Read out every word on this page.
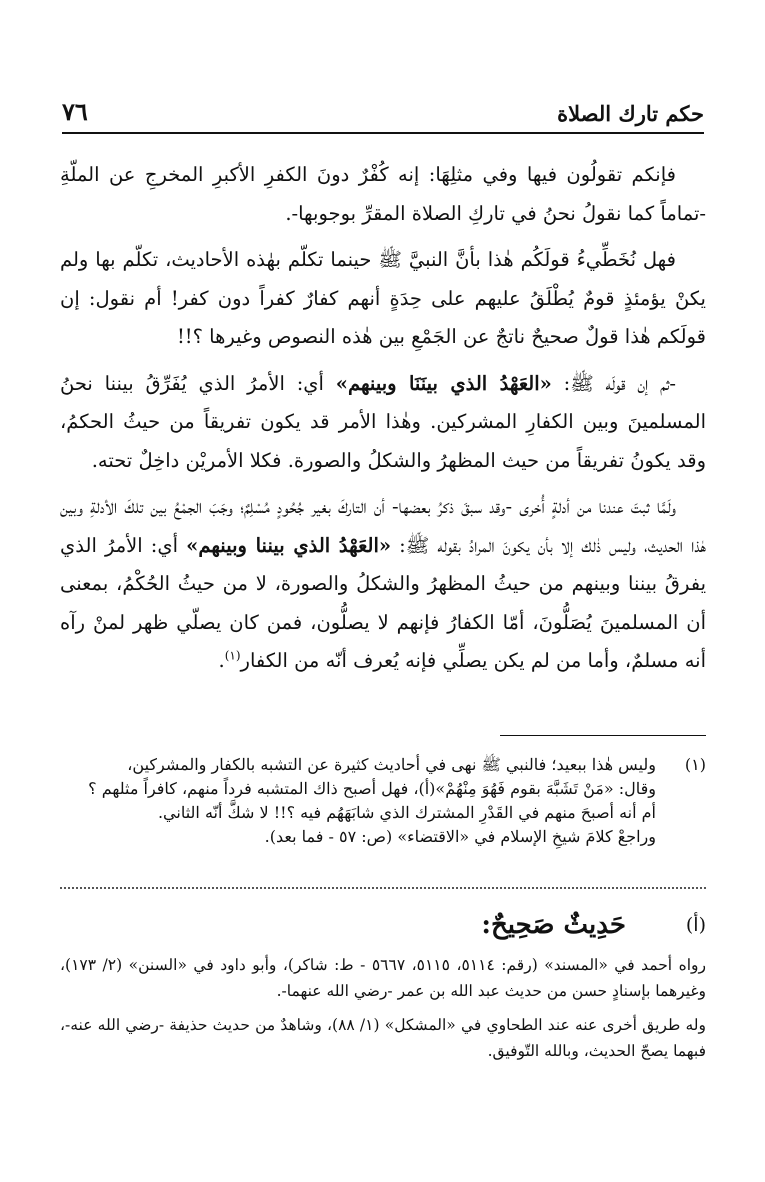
حكم تارك الصلاة
٧٦

فإنكم تقولُون فيها وفي مثلِهَا: إنه كُفْرٌ دونَ الكفرِ الأكبرِ المخرجِ عن الملّةِ -تماماً كما نقولُ نحنُ في تاركِ الصلاة المقرِّ بوجوبها-.

فهل نُخَطِّيءُ قولَكُم هٰذا بأنَّ النبيَّ ﷺ حينما تكلّم بهٰذه الأحاديث، تكلّم بها ولم يكنْ يؤمئذٍ قومٌ يُطْلَقُ عليهم على حِدَةٍ أنهم كفارٌ كفراً دون كفر! أم نقول: إن قولَكم هٰذا قولٌ صحيحٌ ناتجٌ عن الجَمْعِ بين هٰذه النصوص وغيرها ؟!!

-ثم إن قولَه ﷺ: «العَهْدُ الذي بينَنَا وبينهم» أي: الأمرُ الذي يُفَرِّقُ بيننا نحنُ المسلمينَ وبين الكفارِ المشركين. وهٰذا الأمر قد يكون تفريقاً من حيثُ الحكمُ، وقد يكونُ تفريقاً من حيث المظهرُ والشكلُ والصورة. فكلا الأمريْن داخِلٌ تحته.

ولَمَّا ثبتَ عندنا من أدلةٍ أُخرى -وقد سبقَ ذكرُ بعضها- أن التاركَ بغير جُحُودٍ مُسْلِمٌ؛ وجَبَ الجمْعُ بين تلكَ الأدلةِ وبين هٰذا الحديث، وليس ذٰلك إلا بأن يكونَ المرادُ بقوله ﷺ: «العَهْدُ الذي بيننا وبينهم» أي: الأمرُ الذي يفرقُ بيننا وبينهم من حيثُ المظهرُ والشكلُ والصورة، لا من حيثُ الحُكْمُ، بمعنى أن المسلمينَ يُصَلُّونَ، أمّا الكفارُ فإنهم لا يصلُّون، فمن كان يصلّي ظهر لمنْ رآه أنه مسلمٌ، وأما من لم يكن يصلِّي فإنه يُعرف أنّه من الكفار$^{(١)}$.

(١)
وليس هٰذا ببعيد؛ فالنبي ﷺ نهى في أحاديث كثيرة عن التشبه بالكفار والمشركين،
وقال: «مَنْ تَشَبَّهَ بقوم فَهُوَ مِنْهُمْ»(أ)، فهل أصبح ذاك المتشبه فرداً منهم، كافراً مثلهم ؟
أم أنه أصبحَ منهم في القَدْرِ المشترك الذي شابَهَهُم فيه ؟!! لا شكَّ أنّه الثاني.
وراجعْ كلامَ شيخِ الإسلام في «الاقتضاء» (ص: ٥٧ - فما بعد).
(أ)
حَدِيثٌ صَحِيحٌ:

رواه أحمد في «المسند» (رقم: ٥١١٤، ٥١١٥، ٥٦٦٧ - ط: شاكر)، وأبو داود في «السنن» (٢/ ١٧٣)، وغيرهما بإسنادٍ حسن من حديث عبد الله بن عمر -رضي الله عنهما-.

وله طريق أخرى عنه عند الطحاوي في «المشكل» (١/ ٨٨)، وشاهدٌ من حديث حذيفة -رضي الله عنه-، فبهما يصحّ الحديث، وبالله التّوفيق.
